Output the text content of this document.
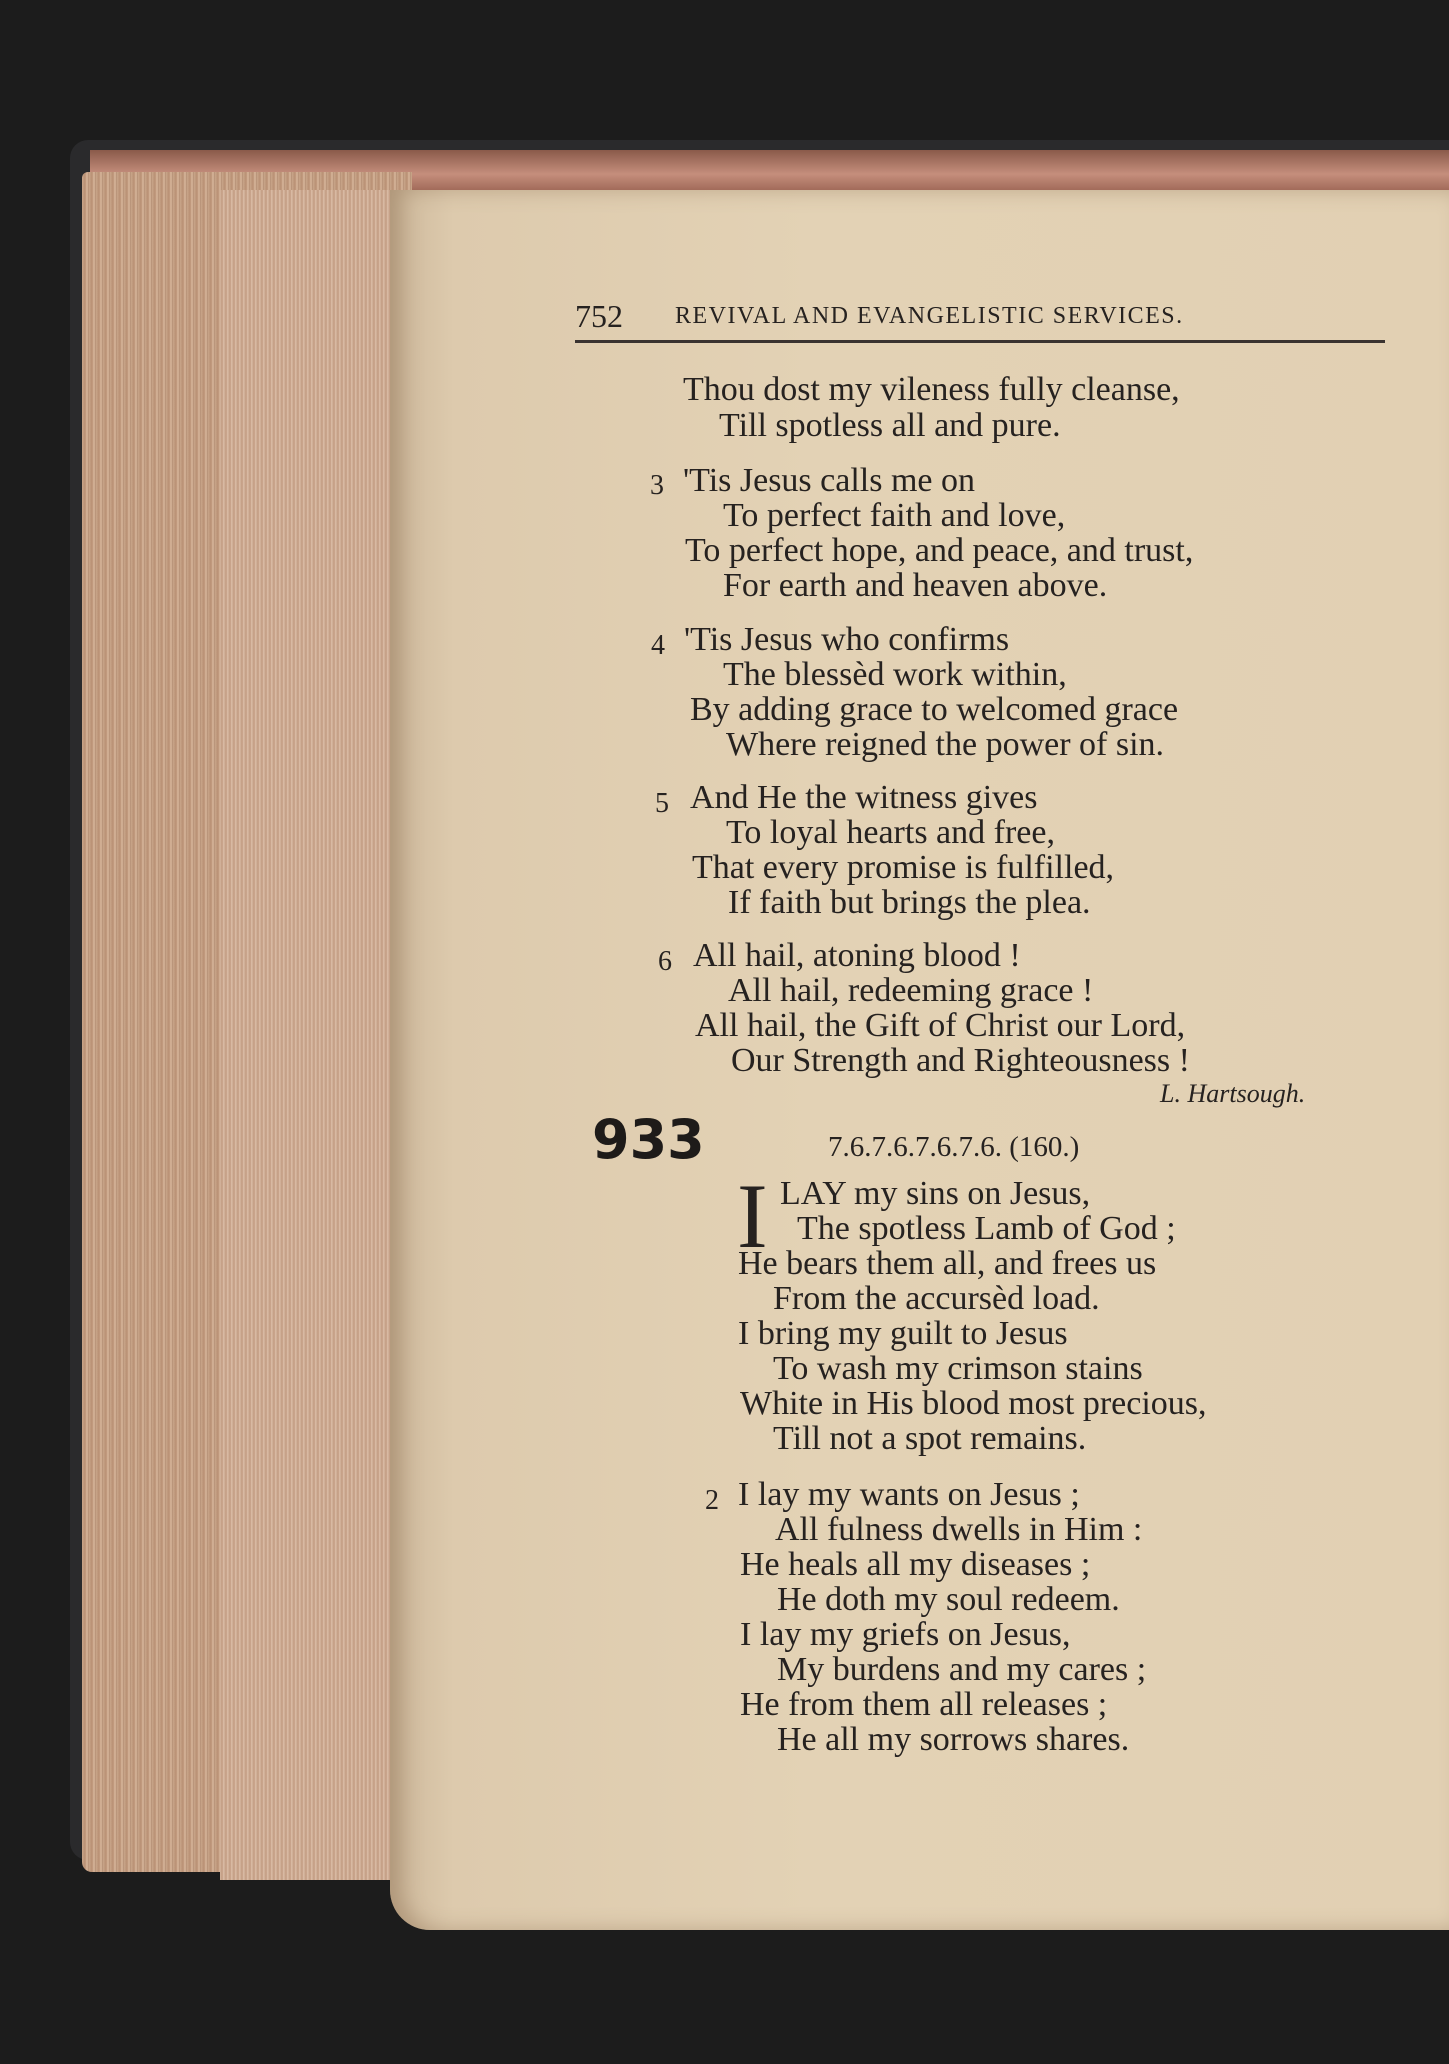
752 REVIVAL AND EVANGELISTIC SERVICES.
Thou dost my vileness fully cleanse,
Till spotless all and pure.
3 'Tis Jesus calls me on
To perfect faith and love,
To perfect hope, and peace, and trust,
For earth and heaven above.
4 'Tis Jesus who confirms
The blessèd work within,
By adding grace to welcomed grace
Where reigned the power of sin.
5 And He the witness gives
To loyal hearts and free,
That every promise is fulfilled,
If faith but brings the plea.
6 All hail, atoning blood !
All hail, redeeming grace !
All hail, the Gift of Christ our Lord,
Our Strength and Righteousness !
L. Hartsough.
933	7.6.7.6.7.6.7.6. (160.)
I LAY my sins on Jesus,
The spotless Lamb of God ;
He bears them all, and frees us
From the accursèd load.
I bring my guilt to Jesus
To wash my crimson stains
White in His blood most precious,
Till not a spot remains.
2 I lay my wants on Jesus ;
All fulness dwells in Him :
He heals all my diseases ;
He doth my soul redeem.
I lay my griefs on Jesus,
My burdens and my cares ;
He from them all releases ;
He all my sorrows shares.
